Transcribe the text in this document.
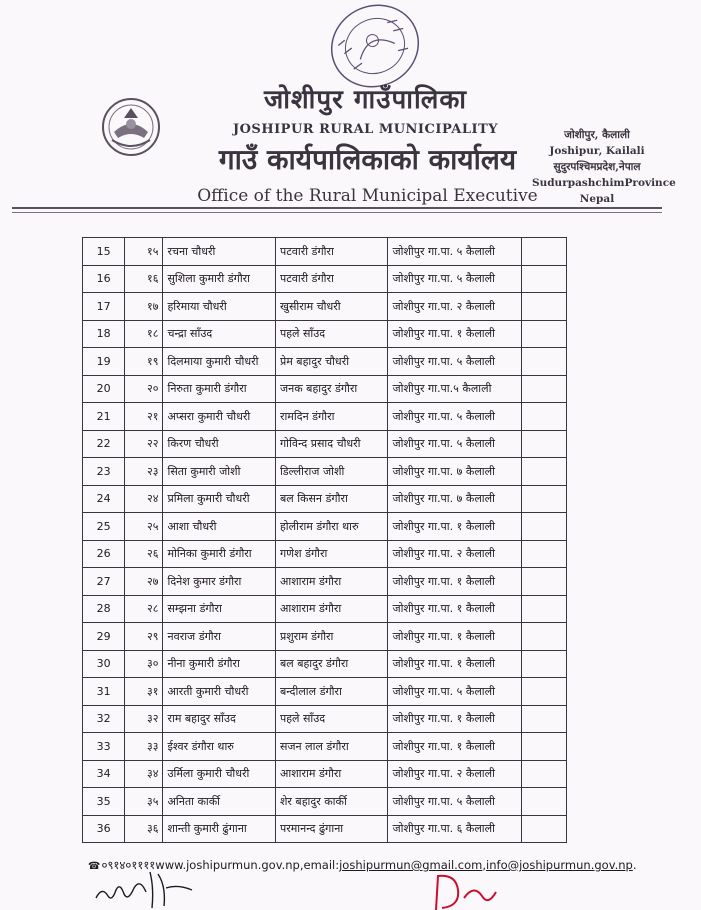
जोशीपुर गाउँपालिका
JOSHIPUR RURAL MUNICIPALITY
गाउँ कार्यपालिकाको कार्यालय
Office of the Rural Municipal Executive
जोशीपुर, कैलाली
Joshipur, Kailali
सुदुरपश्चिमप्रदेश,नेपाल
SudurpashchimProvince
Nepal
15	१५	रचना चौधरी	पटवारी डंगौरा	जोशीपुर गा.पा. ५ कैलाली	
16	१६	सुशिला कुमारी डंगौरा	पटवारी डंगौरा	जोशीपुर गा.पा. ५ कैलाली	
17	१७	हरिमाया चौधरी	खुसीराम चौधरी	जोशीपुर गा.पा. २ कैलाली	
18	१८	चन्द्रा साँउद	पहले साँउद	जोशीपुर गा.पा. १ कैलाली	
19	१९	दिलमाया कुमारी चौधरी	प्रेम बहादुर चौधरी	जोशीपुर गा.पा. ५ कैलाली	
20	२०	निरुता कुमारी डंगौरा	जनक बहादुर डंगौरा	जोशीपुर गा.पा.५ कैलाली	
21	२१	अप्सरा कुमारी चौधरी	रामदिन डंगौरा	जोशीपुर गा.पा. ५ कैलाली	
22	२२	किरण चौधरी	गोविन्द प्रसाद चौधरी	जोशीपुर गा.पा. ५ कैलाली	
23	२३	सिता कुमारी जोशी	डिल्लीराज जोशी	जोशीपुर गा.पा. ७ कैलाली	
24	२४	प्रमिला कुमारी चौधरी	बल किसन डंगौरा	जोशीपुर गा.पा. ७ कैलाली	
25	२५	आशा चौधरी	होलीराम डंगौरा थारु	जोशीपुर गा.पा. १ कैलाली	
26	२६	मोनिका कुमारी डंगौरा	गणेश डंगौरा	जोशीपुर गा.पा. २ कैलाली	
27	२७	दिनेश कुमार डंगौरा	आशाराम डंगौरा	जोशीपुर गा.पा. १ कैलाली	
28	२८	सम्झना डंगौरा	आशाराम डंगौरा	जोशीपुर गा.पा. १ कैलाली	
29	२९	नवराज डंगौरा	प्रशुराम डंगौरा	जोशीपुर गा.पा. १ कैलाली	
30	३०	नीना कुमारी डंगौरा	बल बहादुर डंगौरा	जोशीपुर गा.पा. १ कैलाली	
31	३१	आरती कुमारी चौधरी	बन्दीलाल डंगौरा	जोशीपुर गा.पा. ५ कैलाली	
32	३२	राम बहादुर साँउद	पहले साँउद	जोशीपुर गा.पा. १ कैलाली	
33	३३	ईश्वर डंगौरा थारु	सजन लाल डंगौरा	जोशीपुर गा.पा. १ कैलाली	
34	३४	उर्मिला कुमारी चौधरी	आशाराम डंगौरा	जोशीपुर गा.पा. २ कैलाली	
35	३५	अनिता कार्की	शेर बहादुर कार्की	जोशीपुर गा.पा. ५ कैलाली	
36	३६	शान्ती कुमारी ढुंगाना	परमानन्द ढुंगाना	जोशीपुर गा.पा. ६ कैलाली	
☎०९१४०११११www.joshipurmun.gov.np,email:joshipurmun@gmail.com,info@joshipurmun.gov.np.
